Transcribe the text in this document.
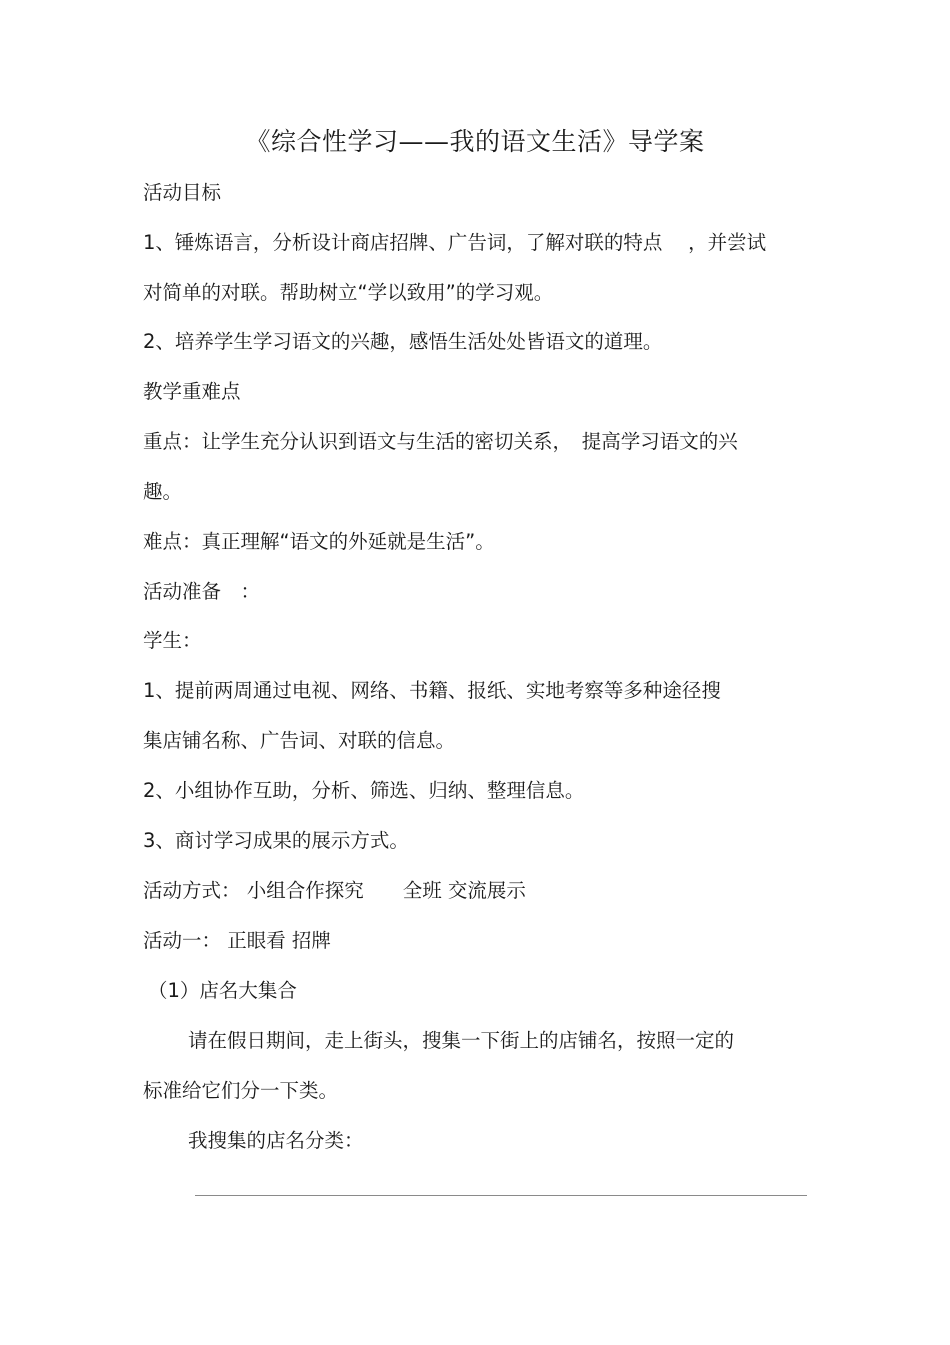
《综合性学习——我的语文生活》导学案
活动目标
1、锤炼语言，分析设计商店招牌、广告词，了解对联的特点　 ，并尝试
对简单的对联。帮助树立“学以致用”的学习观。
2、培养学生学习语文的兴趣，感悟生活处处皆语文的道理。
教学重难点
重点：让学生充分认识到语文与生活的密切关系，　提高学习语文的兴
趣。
难点：真正理解“语文的外延就是生活”。
活动准备　：
学生：
1、提前两周通过电视、网络、书籍、报纸、实地考察等多种途径搜
集店铺名称、广告词、对联的信息。
2、小组协作互助，分析、筛选、归纳、整理信息。
3、商讨学习成果的展示方式。
活动方式： 小组合作探究　　全班 交流展示
活动一： 正眼看 招牌
（1）店名大集合
请在假日期间，走上街头，搜集一下街上的店铺名，按照一定的
标准给它们分一下类。
我搜集的店名分类：
